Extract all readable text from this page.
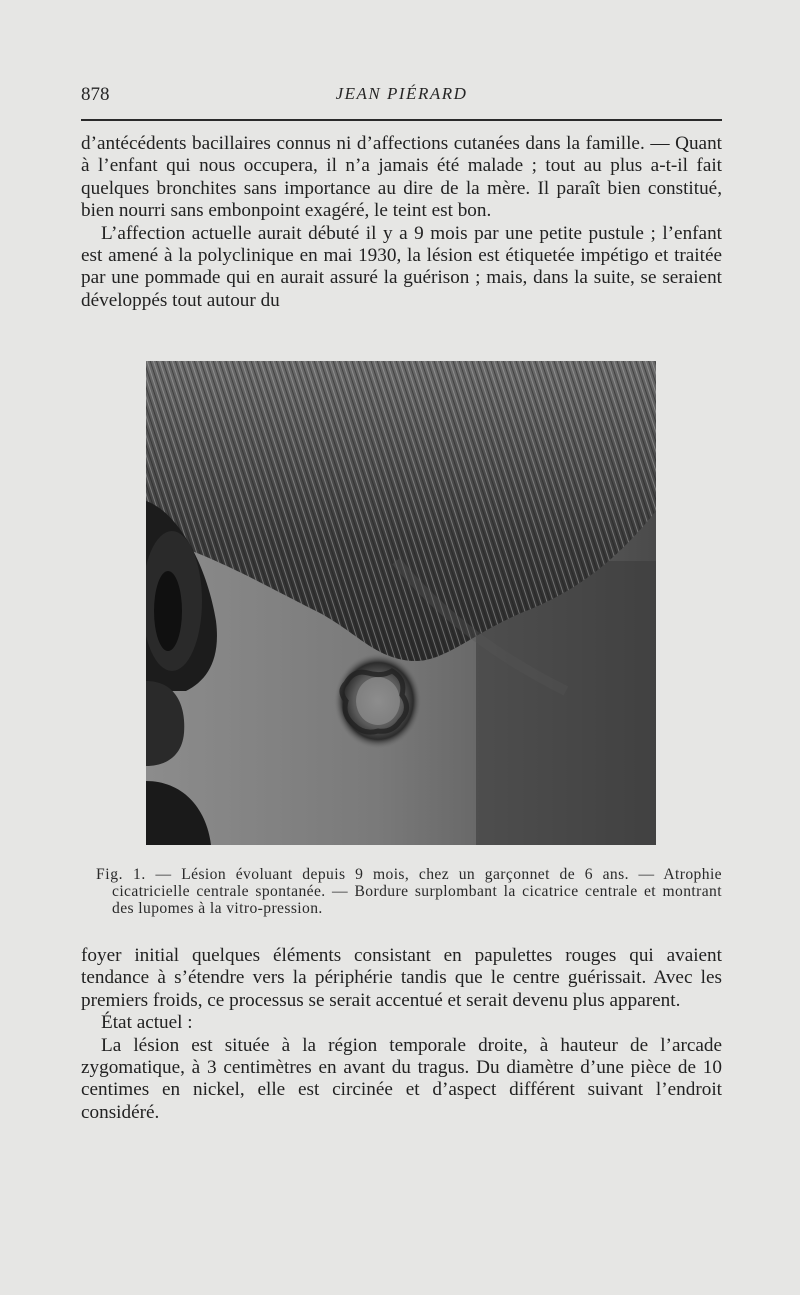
878	JEAN PIÉRARD

d’antécédents bacillaires connus ni d’affections cutanées dans la famille. — Quant à l’enfant qui nous occupera, il n’a jamais été malade ; tout au plus a-t-il fait quelques bronchites sans importance au dire de la mère. Il paraît bien constitué, bien nourri sans embonpoint exagéré, le teint est bon.

L’affection actuelle aurait débuté il y a 9 mois par une petite pustule ; l’enfant est amené à la polyclinique en mai 1930, la lésion est étiquetée impétigo et traitée par une pommade qui en aurait assuré la guérison ; mais, dans la suite, se seraient développés tout autour du

Fig. 1. — Lésion évoluant depuis 9 mois, chez un garçonnet de 6 ans. — Atrophie cicatricielle centrale spontanée. — Bordure surplombant la cicatrice centrale et montrant des lupomes à la vitro-pression.

foyer initial quelques éléments consistant en papulettes rouges qui avaient tendance à s’étendre vers la périphérie tandis que le centre guérissait. Avec les premiers froids, ce processus se serait accentué et serait devenu plus apparent.

État actuel :

La lésion est située à la région temporale droite, à hauteur de l’arcade zygomatique, à 3 centimètres en avant du tragus. Du diamètre d’une pièce de 10 centimes en nickel, elle est circinée et d’aspect différent suivant l’endroit considéré.
